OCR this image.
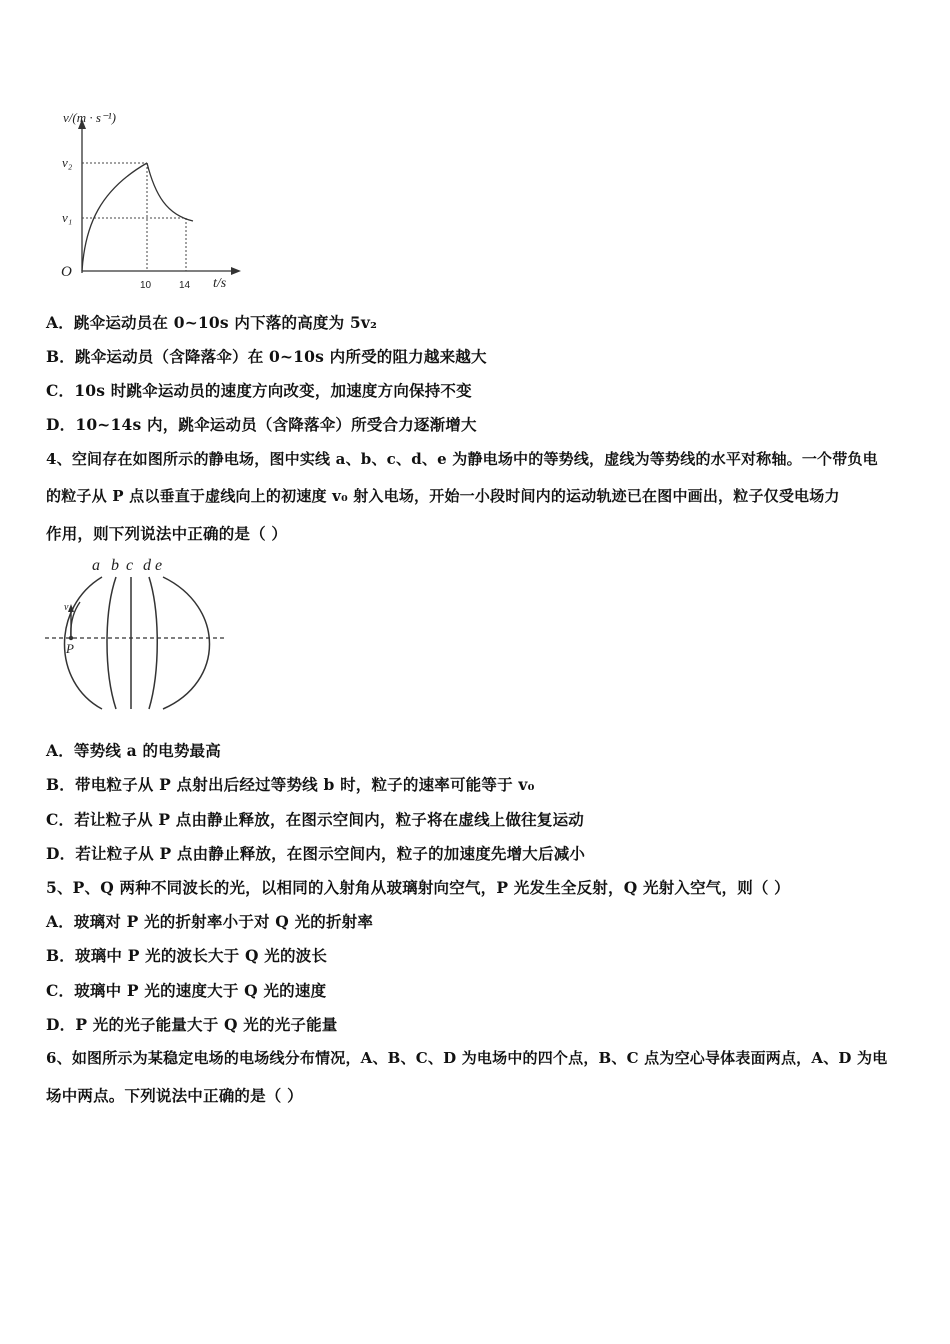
v/(m · s⁻¹)
v₂
v₁
O
10	14 t/s
A．跳伞运动员在 0~10s 内下落的高度为 5v₂
B．跳伞运动员（含降落伞）在 0~10s 内所受的阻力越来越大
C．10s 时跳伞运动员的速度方向改变，加速度方向保持不变
D．10~14s 内，跳伞运动员（含降落伞）所受合力逐渐增大
4、空间存在如图所示的静电场，图中实线 a、b、c、d、e 为静电场中的等势线，虚线为等势线的水平对称轴。一个带负电
的粒子从 P 点以垂直于虚线向上的初速度 v₀ 射入电场，开始一小段时间内的运动轨迹已在图中画出，粒子仅受电场力
作用，则下列说法中正确的是（ ）
a b c d e
v₀
P
A．等势线 a 的电势最高
B．带电粒子从 P 点射出后经过等势线 b 时，粒子的速率可能等于 v₀
C．若让粒子从 P 点由静止释放，在图示空间内，粒子将在虚线上做往复运动
D．若让粒子从 P 点由静止释放，在图示空间内，粒子的加速度先增大后减小
5、P、Q 两种不同波长的光，以相同的入射角从玻璃射向空气，P 光发生全反射，Q 光射入空气，则（ ）
A．玻璃对 P 光的折射率小于对 Q 光的折射率
B．玻璃中 P 光的波长大于 Q 光的波长
C．玻璃中 P 光的速度大于 Q 光的速度
D．P 光的光子能量大于 Q 光的光子能量
6、如图所示为某稳定电场的电场线分布情况，A、B、C、D 为电场中的四个点，B、C 点为空心导体表面两点，A、D 为电
场中两点。下列说法中正确的是（ ）
